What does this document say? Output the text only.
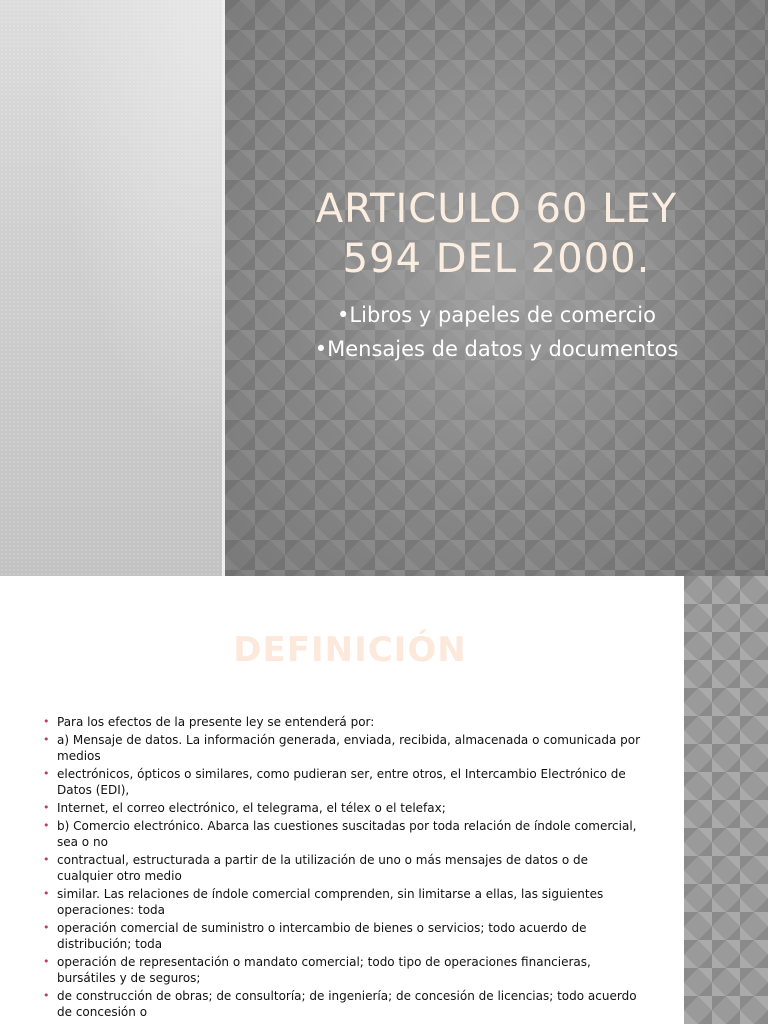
ARTICULO 60 LEY
594 DEL 2000.
•Libros y papeles de comercio
•Mensajes de datos y documentos
DEFINICIÓN
• Para los efectos de la presente ley se entenderá por:
• a) Mensaje de datos. La información generada, enviada, recibida, almacenada o comunicada por medios
• electrónicos, ópticos o similares, como pudieran ser, entre otros, el Intercambio Electrónico de Datos (EDI),
• Internet, el correo electrónico, el telegrama, el télex o el telefax;
• b) Comercio electrónico. Abarca las cuestiones suscitadas por toda relación de índole comercial, sea o no
• contractual, estructurada a partir de la utilización de uno o más mensajes de datos o de cualquier otro medio
• similar. Las relaciones de índole comercial comprenden, sin limitarse a ellas, las siguientes operaciones: toda
• operación comercial de suministro o intercambio de bienes o servicios; todo acuerdo de distribución; toda
• operación de representación o mandato comercial; todo tipo de operaciones financieras, bursátiles y de seguros;
• de construcción de obras; de consultoría; de ingeniería; de concesión de licencias; todo acuerdo de concesión o
